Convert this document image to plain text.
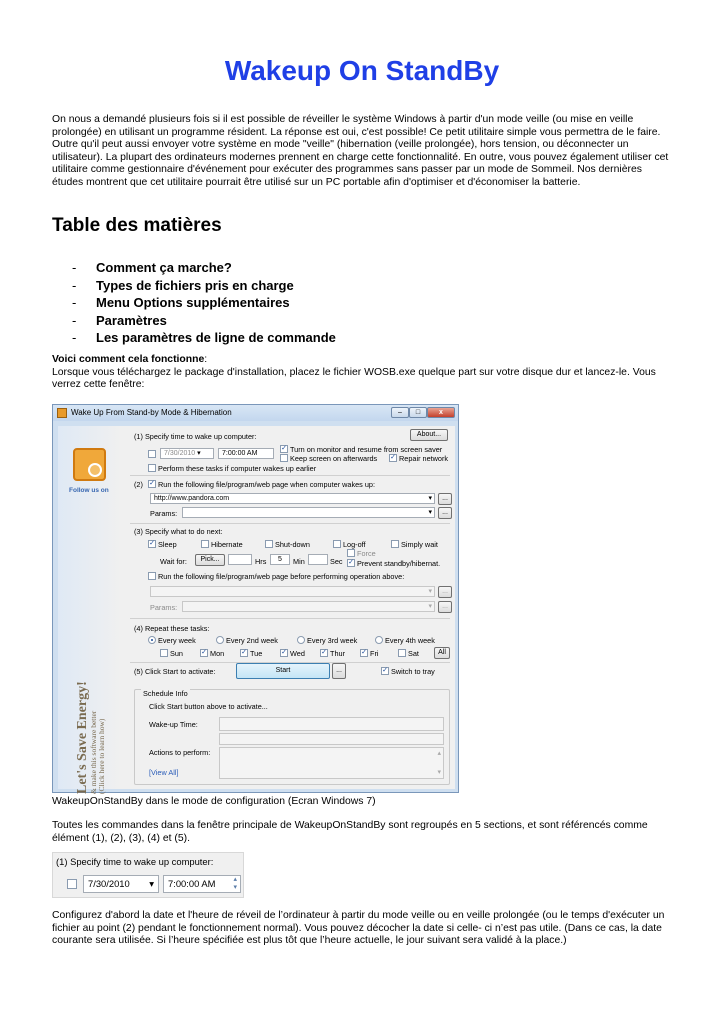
Wakeup On StandBy
On nous a demandé plusieurs fois si il est possible de réveiller le système Windows à partir d'un mode veille (ou mise en veille prolongée) en utilisant un programme résident. La réponse est oui, c'est possible! Ce petit utilitaire simple vous permettra de le faire. Outre qu'il peut aussi envoyer votre système en mode "veille" (hibernation (veille prolongée), hors tension, ou déconnecter un utilisateur). La plupart des ordinateurs modernes prennent en charge cette fonctionnalité. En outre, vous pouvez également utiliser cet utilitaire comme gestionnaire d'événement pour exécuter des programmes sans passer par un mode de Sommeil. Nos dernières études montrent que cet utilitaire pourrait être utilisé sur un PC portable afin d'optimiser et d'économiser la batterie.
Table des matières
- Comment ça marche?
- Types de fichiers pris en charge
- Menu Options supplémentaires
- Paramètres
- Les paramètres de ligne de commande
Voici comment cela fonctionne:
Lorsque vous téléchargez le package d'installation, placez le fichier WOSB.exe quelque part sur votre disque dur et lancez-le. Vous verrez cette fenêtre:
Wake Up From Stand-by Mode & Hibernation	–	□	x
Follow us on
Let's Save Energy! & make this software better (Click here to learn how)
(1) Specify time to wake up computer:	About...
7/30/2010 ▾	7:00:00 AM
✓ Turn on monitor and resume from screen saver
Keep screen on afterwards ✓ Repair network
Perform these tasks if computer wakes up earlier
(2) ✓ Run the following file/program/web page when computer wakes up:
http://www.pandora.com	▾	...
Params:	▾	...
(3) Specify what to do next:
✓ Sleep	Hibernate	Shut-down	Log-off	Simply wait
Wait for:	Pick...	Hrs	5	Min	Sec
Force
✓ Prevent standby/hibernat.
Run the following file/program/web page before performing operation above:
▾	...
Params:	▾	...
(4) Repeat these tasks:
Every week	Every 2nd week	Every 3rd week	Every 4th week
Sun	✓ Mon ✓ Tue	✓ Wed ✓ Thur ✓ Fri	Sat	All
(5) Click Start to activate:	Start	...	✓ Switch to tray
Schedule Info
Click Start button above to activate...
Wake-up Time:
Actions to perform:	▴
▾
[View All]
WakeupOnStandBy dans le mode de configuration (Ecran Windows 7)
Toutes les commandes dans la fenêtre principale de WakeupOnStandBy sont regroupés en 5 sections, et sont référencés comme élément (1), (2), (3), (4) et (5).
(1) Specify time to wake up computer:
7/30/2010 ▾	7:00:00 AM	▴
▾
Configurez d'abord la date et l'heure de réveil de l’ordinateur à partir du mode veille ou en veille prolongée (ou le temps d'exécuter un fichier au point (2) pendant le fonctionnement normal). Vous pouvez décocher la date si celle- ci n’est pas utile. (Dans ce cas, la date courante sera utilisée. Si l’heure spécifiée est plus tôt que l’heure actuelle, le jour suivant sera validé à la place.)
